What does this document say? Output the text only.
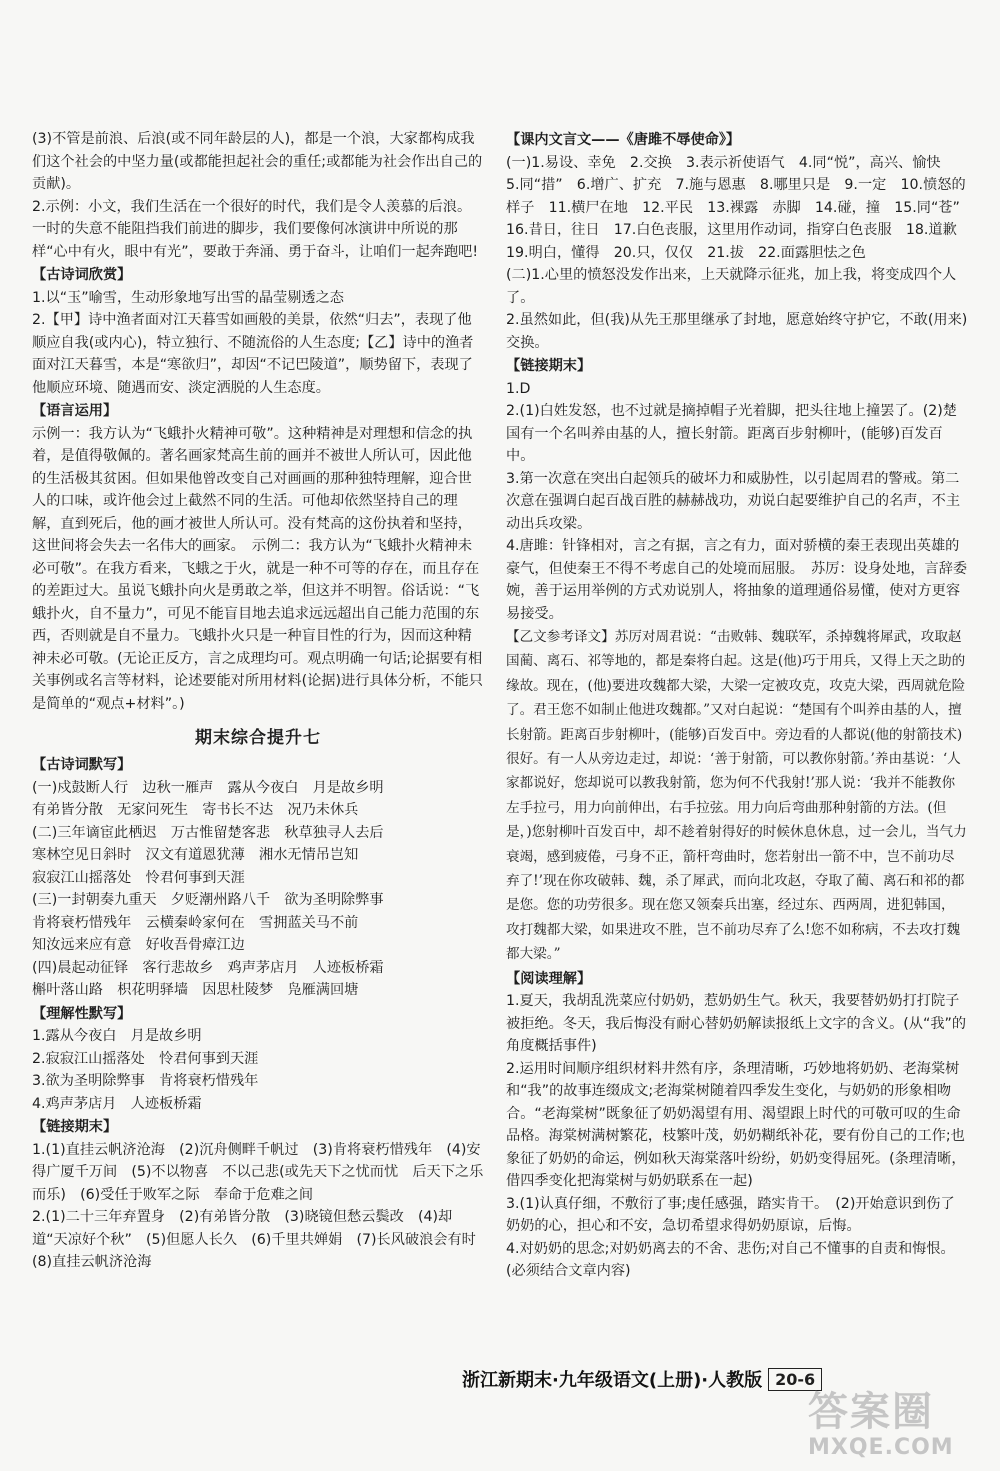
(3)不管是前浪、后浪(或不同年龄层的人)，都是一个浪，大家都构成我们这个社会的中坚力量(或都能担起社会的重任;或都能为社会作出自己的贡献)。

2.示例：小文，我们生活在一个很好的时代，我们是令人羡慕的后浪。一时的失意不能阻挡我们前进的脚步，我们要像何冰演讲中所说的那样“心中有火，眼中有光”，要敢于奔涌、勇于奋斗，让咱们一起奔跑吧!

【古诗词欣赏】

1.以“玉”喻雪，生动形象地写出雪的晶莹剔透之态

2.【甲】诗中渔者面对江天暮雪如画般的美景，依然“归去”，表现了他顺应自我(或内心)，特立独行、不随流俗的人生态度;【乙】诗中的渔者面对江天暮雪，本是“寒欲归”，却因“不记巴陵道”，顺势留下，表现了他顺应环境、随遇而安、淡定洒脱的人生态度。

【语言运用】

示例一：我方认为“飞蛾扑火精神可敬”。这种精神是对理想和信念的执着，是值得敬佩的。著名画家梵高生前的画并不被世人所认可，因此他的生活极其贫困。但如果他曾改变自己对画画的那种独特理解，迎合世人的口味，或许他会过上截然不同的生活。可他却依然坚持自己的理解，直到死后，他的画才被世人所认可。没有梵高的这份执着和坚持，这世间将会失去一名伟大的画家。　示例二：我方认为“飞蛾扑火精神未必可敬”。在我方看来，飞蛾之于火，就是一种不可等的存在，而且存在的差距过大。虽说飞蛾扑向火是勇敢之举，但这并不明智。俗话说：“飞蛾扑火，自不量力”，可见不能盲目地去追求远远超出自己能力范围的东西，否则就是自不量力。飞蛾扑火只是一种盲目性的行为，因而这种精神未必可敬。(无论正反方，言之成理均可。观点明确一句话;论据要有相关事例或名言等材料，论述要能对所用材料(论据)进行具体分析，不能只是简单的“观点+材料”。)

期末综合提升七

【古诗词默写】

(一)戍鼓断人行　边秋一雁声　露从今夜白　月是故乡明

有弟皆分散　无家问死生　寄书长不达　况乃未休兵

(二)三年谪宦此栖迟　万古惟留楚客悲　秋草独寻人去后

寒林空见日斜时　汉文有道恩犹薄　湘水无情吊岂知

寂寂江山摇落处　怜君何事到天涯

(三)一封朝奏九重天　夕贬潮州路八千　欲为圣明除弊事

肯将衰朽惜残年　云横秦岭家何在　雪拥蓝关马不前

知汝远来应有意　好收吾骨瘴江边

(四)晨起动征铎　客行悲故乡　鸡声茅店月　人迹板桥霜

槲叶落山路　枳花明驿墙　因思杜陵梦　凫雁满回塘

【理解性默写】

1.露从今夜白　月是故乡明

2.寂寂江山摇落处　怜君何事到天涯

3.欲为圣明除弊事　肯将衰朽惜残年

4.鸡声茅店月　人迹板桥霜

【链接期末】

1.(1)直挂云帆济沧海　(2)沉舟侧畔千帆过　(3)肯将衰朽惜残年　(4)安得广厦千万间　(5)不以物喜　不以己悲(或先天下之忧而忧　后天下之乐而乐)　(6)受任于败军之际　奉命于危难之间

2.(1)二十三年弃置身　(2)有弟皆分散　(3)晓镜但愁云鬓改　(4)却道“天凉好个秋”　(5)但愿人长久　(6)千里共婵娟　(7)长风破浪会有时　(8)直挂云帆济沧海

【课内文言文——《唐雎不辱使命》】

(一)1.易设、幸免　2.交换　3.表示祈使语气　4.同“悦”，高兴、愉快　5.同“措”　6.增广、扩充　7.施与恩惠　8.哪里只是　9.一定　10.愤怒的样子　11.横尸在地　12.平民　13.裸露　赤脚　14.碰，撞　15.同“苍”　16.昔日，往日　17.白色丧服，这里用作动词，指穿白色丧服　18.道歉　19.明白，懂得　20.只，仅仅　21.拔　22.面露胆怯之色

(二)1.心里的愤怒没发作出来，上天就降示征兆，加上我，将变成四个人了。

2.虽然如此，但(我)从先王那里继承了封地，愿意始终守护它，不敢(用来)交换。

【链接期末】

1.D

2.(1)白姓发怒，也不过就是摘掉帽子光着脚，把头往地上撞罢了。(2)楚国有一个名叫养由基的人，擅长射箭。距离百步射柳叶，(能够)百发百中。

3.第一次意在突出白起领兵的破坏力和威胁性，以引起周君的警戒。第二次意在强调白起百战百胜的赫赫战功，劝说白起要维护自己的名声，不主动出兵攻梁。

4.唐雎：针锋相对，言之有据，言之有力，面对骄横的秦王表现出英雄的豪气，但使秦王不得不考虑自己的处境而屈服。　苏厉：设身处地，言辞委婉，善于运用举例的方式劝说别人，将抽象的道理通俗易懂，使对方更容易接受。

【乙文参考译文】苏厉对周君说：“击败韩、魏联军，杀掉魏将犀武，攻取赵国蔺、离石、祁等地的，都是秦将白起。这是(他)巧于用兵，又得上天之助的缘故。现在，(他)要进攻魏都大梁，大梁一定被攻克，攻克大梁，西周就危险了。君王您不如制止他进攻魏都。”又对白起说：“楚国有个叫养由基的人，擅长射箭。距离百步射柳叶，(能够)百发百中。旁边看的人都说(他的射箭技术)很好。有一人从旁边走过，却说：‘善于射箭，可以教你射箭。’养由基说：‘人家都说好，您却说可以教我射箭，您为何不代我射!’那人说：‘我并不能教你左手拉弓，用力向前伸出，右手拉弦。用力向后弯曲那种射箭的方法。(但是，)您射柳叶百发百中，却不趁着射得好的时候休息休息，过一会儿，当气力衰竭，感到疲倦，弓身不正，箭杆弯曲时，您若射出一箭不中，岂不前功尽弃了!’现在你攻破韩、魏，杀了犀武，而向北攻赵，夺取了蔺、离石和祁的都是您。您的功劳很多。现在您又领秦兵出塞，经过东、西两周，进犯韩国，攻打魏都大梁，如果进攻不胜，岂不前功尽弃了么!您不如称病，不去攻打魏都大梁。”

【阅读理解】

1.夏天，我胡乱洗菜应付奶奶，惹奶奶生气。秋天，我要替奶奶打打院子被拒绝。冬天，我后悔没有耐心替奶奶解读报纸上文字的含义。(从“我”的角度概括事件)

2.运用时间顺序组织材料井然有序，条理清晰，巧妙地将奶奶、老海棠树和“我”的故事连缀成文;老海棠树随着四季发生变化，与奶奶的形象相吻合。“老海棠树”既象征了奶奶渴望有用、渴望跟上时代的可敬可叹的生命品格。海棠树满树繁花，枝繁叶茂，奶奶糊纸补花，要有份自己的工作;也象征了奶奶的命运，例如秋天海棠落叶纷纷，奶奶变得屈死。(条理清晰，借四季变化把海棠树与奶奶联系在一起)

3.(1)认真仔细，不敷衍了事;虔任感强，踏实肯干。　(2)开始意识到伤了奶奶的心，担心和不安，急切希望求得奶奶原谅，后悔。

4.对奶奶的思念;对奶奶离去的不舍、悲伤;对自己不懂事的自责和悔恨。(必须结合文章内容)

浙江新期末·九年级语文(上册)·人教版 20-6
答案圈
MXQE.COM
